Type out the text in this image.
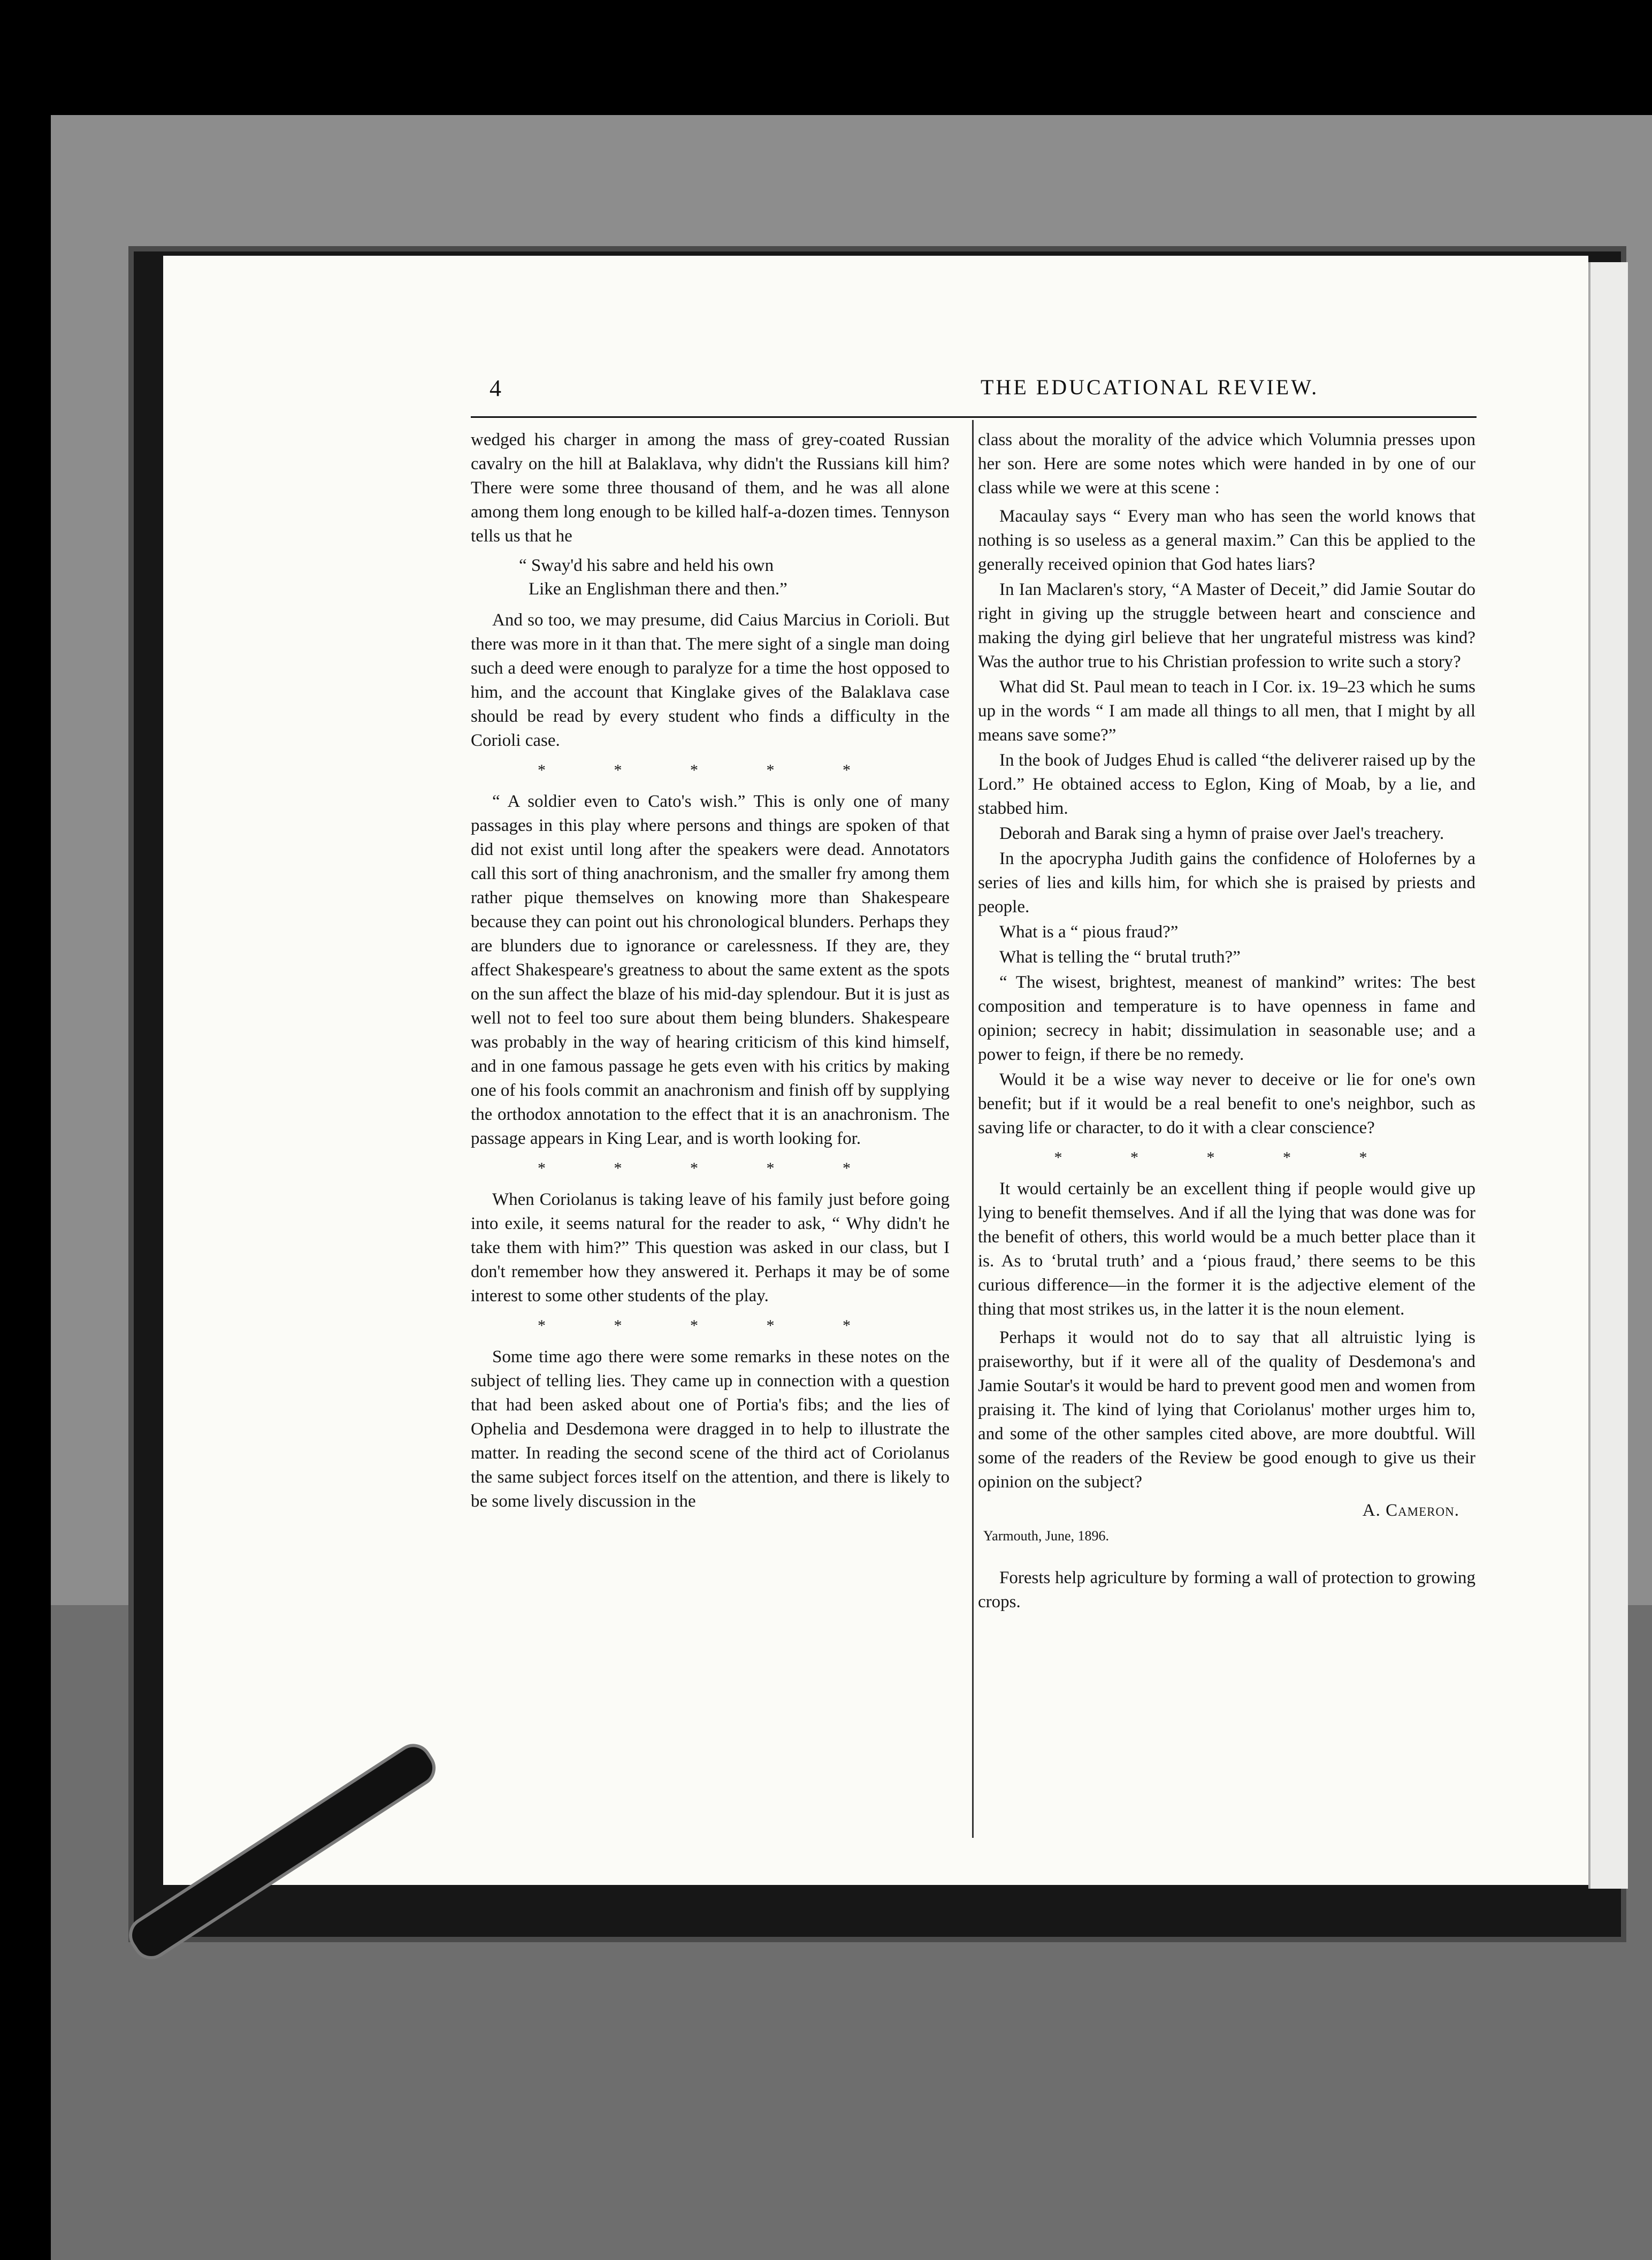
4	THE EDUCATIONAL REVIEW.

wedged his charger in among the mass of grey-coated Russian cavalry on the hill at Balaklava, why didn't the Russians kill him? There were some three thousand of them, and he was all alone among them long enough to be killed half-a-dozen times. Tennyson tells us that he

“ Sway'd his sabre and held his own
Like an Englishman there and then.”

And so too, we may presume, did Caius Marcius in Corioli. But there was more in it than that. The mere sight of a single man doing such a deed were enough to paralyze for a time the host opposed to him, and the account that Kinglake gives of the Balaklava case should be read by every student who finds a difficulty in the Corioli case.

* * * * *

“ A soldier even to Cato's wish.” This is only one of many passages in this play where persons and things are spoken of that did not exist until long after the speakers were dead. Annotators call this sort of thing anachronism, and the smaller fry among them rather pique themselves on knowing more than Shakespeare because they can point out his chronological blunders. Perhaps they are blunders due to ignorance or carelessness. If they are, they affect Shakespeare's greatness to about the same extent as the spots on the sun affect the blaze of his mid-day splendour. But it is just as well not to feel too sure about them being blunders. Shakespeare was probably in the way of hearing criticism of this kind himself, and in one famous passage he gets even with his critics by making one of his fools commit an anachronism and finish off by supplying the orthodox annotation to the effect that it is an anachronism. The passage appears in King Lear, and is worth looking for.

* * * * *

When Coriolanus is taking leave of his family just before going into exile, it seems natural for the reader to ask, “ Why didn't he take them with him?” This question was asked in our class, but I don't remember how they answered it. Perhaps it may be of some interest to some other students of the play.

* * * * *

Some time ago there were some remarks in these notes on the subject of telling lies. They came up in connection with a question that had been asked about one of Portia's fibs; and the lies of Ophelia and Desdemona were dragged in to help to illustrate the matter. In reading the second scene of the third act of Coriolanus the same subject forces itself on the attention, and there is likely to be some lively discussion in the

class about the morality of the advice which Volumnia presses upon her son. Here are some notes which were handed in by one of our class while we were at this scene :

Macaulay says “ Every man who has seen the world knows that nothing is so useless as a general maxim.” Can this be applied to the generally received opinion that God hates liars?

In Ian Maclaren's story, “A Master of Deceit,” did Jamie Soutar do right in giving up the struggle between heart and conscience and making the dying girl believe that her ungrateful mistress was kind? Was the author true to his Christian profession to write such a story?

What did St. Paul mean to teach in I Cor. ix. 19–23 which he sums up in the words “ I am made all things to all men, that I might by all means save some?”

In the book of Judges Ehud is called “the deliverer raised up by the Lord.” He obtained access to Eglon, King of Moab, by a lie, and stabbed him.

Deborah and Barak sing a hymn of praise over Jael's treachery.

In the apocrypha Judith gains the confidence of Holofernes by a series of lies and kills him, for which she is praised by priests and people.

What is a “ pious fraud?”

What is telling the “ brutal truth?”

“ The wisest, brightest, meanest of mankind” writes: The best composition and temperature is to have openness in fame and opinion; secrecy in habit; dissimulation in seasonable use; and a power to feign, if there be no remedy.

Would it be a wise way never to deceive or lie for one's own benefit; but if it would be a real benefit to one's neighbor, such as saving life or character, to do it with a clear conscience?

* * * * *

It would certainly be an excellent thing if people would give up lying to benefit themselves. And if all the lying that was done was for the benefit of others, this world would be a much better place than it is. As to ‘brutal truth’ and a ‘pious fraud,’ there seems to be this curious difference—in the former it is the adjective element of the thing that most strikes us, in the latter it is the noun element.

Perhaps it would not do to say that all altruistic lying is praiseworthy, but if it were all of the quality of Desdemona's and Jamie Soutar's it would be hard to prevent good men and women from praising it. The kind of lying that Coriolanus' mother urges him to, and some of the other samples cited above, are more doubtful. Will some of the readers of the Review be good enough to give us their opinion on the subject?

A. Cameron.
Yarmouth, June, 1896.

Forests help agriculture by forming a wall of protection to growing crops.
